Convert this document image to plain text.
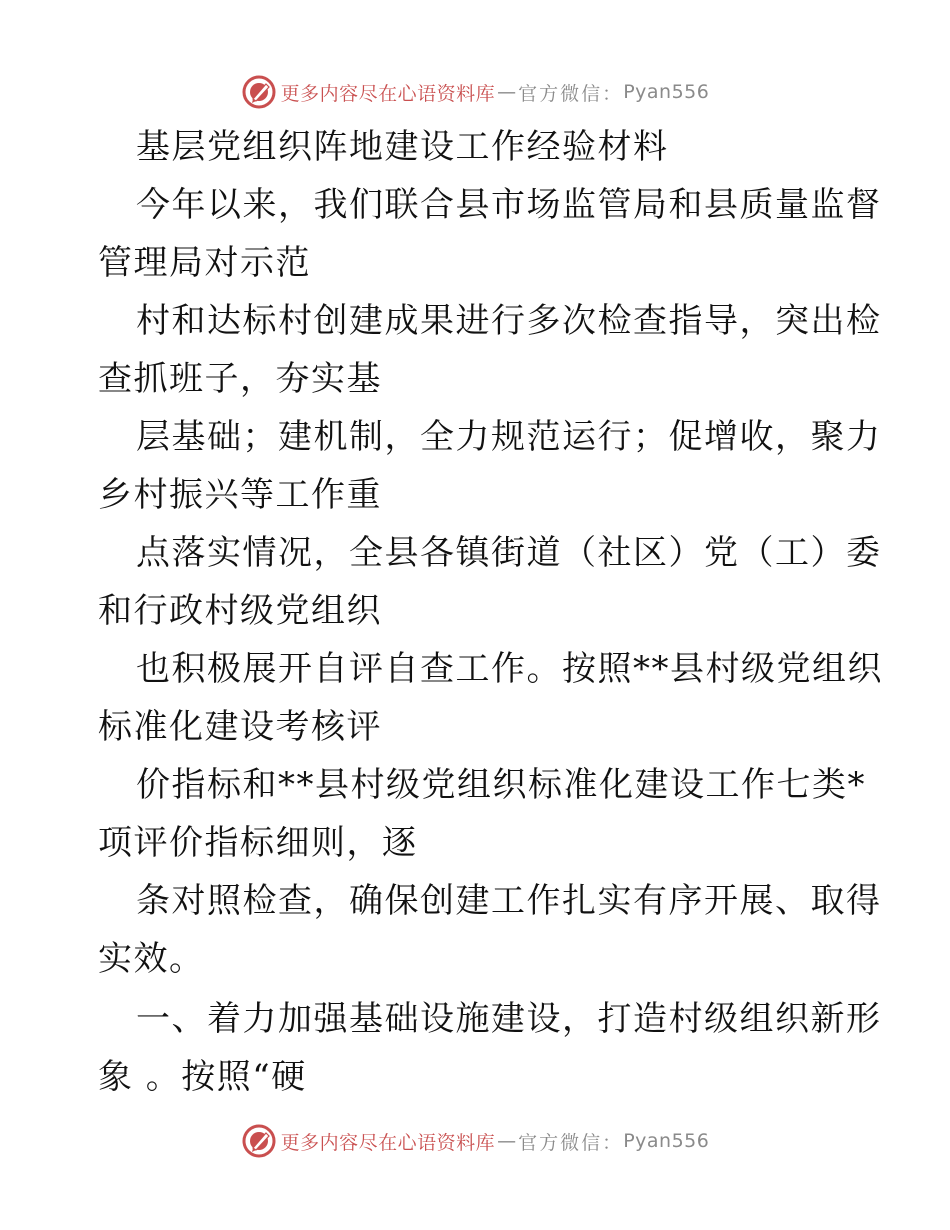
更多内容尽在心语资料库 — 官方微信： Pyan556
基层党组织阵地建设工作经验材料
今年以来，我们联合县市场监管局和县质量监督
管理局对示范
村和达标村创建成果进行多次检查指导，突出检
查抓班子，夯实基
层基础；建机制，全力规范运行；促增收，聚力
乡村振兴等工作重
点落实情况，全县各镇街道（社区）党（工）委
和行政村级党组织
也积极展开自评自查工作。按照**县村级党组织
标准化建设考核评
价指标和**县村级党组织标准化建设工作七类*
项评价指标细则，逐
条对照检查，确保创建工作扎实有序开展、取得
实效。
一、着力加强基础设施建设，打造村级组织新形
象 。按照“硬
更多内容尽在心语资料库 — 官方微信： Pyan556
